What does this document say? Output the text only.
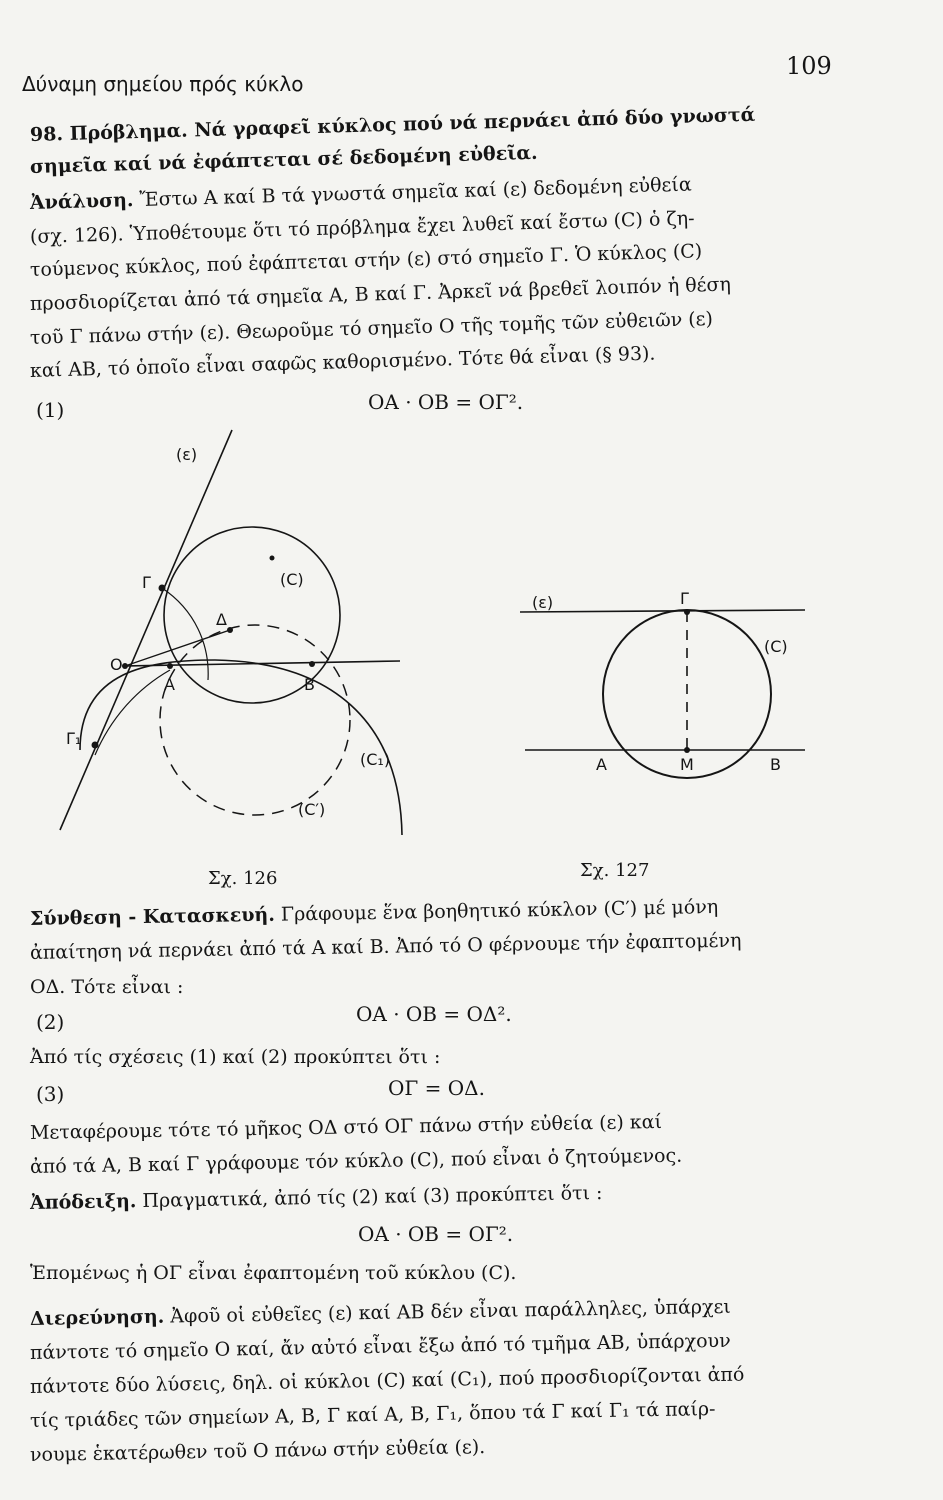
Δύναμη σημείου πρός κύκλο
109
98. Πρόβλημα. Νά γραφεῖ κύκλος πού νά περνάει ἀπό δύο γνωστά
σημεῖα καί νά ἐφάπτεται σέ δεδομένη εὐθεῖα.
Ἀνάλυση. Ἔστω Α καί Β τά γνωστά σημεῖα καί (ε) δεδομένη εὐθεία
(σχ. 126). Ὑποθέτουμε ὅτι τό πρόβλημα ἔχει λυθεῖ καί ἔστω (C) ὁ ζη-
τούμενος κύκλος, πού ἐφάπτεται στήν (ε) στό σημεῖο Γ. Ὁ κύκλος (C)
προσδιορίζεται ἀπό τά σημεῖα Α, Β καί Γ. Ἀρκεῖ νά βρεθεῖ λοιπόν ἡ θέση
τοῦ Γ πάνω στήν (ε). Θεωροῦμε τό σημεῖο Ο τῆς τομῆς τῶν εὐθειῶν (ε)
καί ΑΒ, τό ὁποῖο εἶναι σαφῶς καθορισμένο. Τότε θά εἶναι (§ 93).
(1)	ΟΑ · ΟΒ = ΟΓ².
(ε)
Γ	(C)
Δ
Ο
Α	Β
Γ₁
(C₁)
(C′)
Σχ. 126
(ε)	Γ
(C)
Α	Μ	Β
Σχ. 127
Σύνθεση - Κατασκευή. Γράφουμε ἕνα βοηθητικό κύκλον (C′) μέ μόνη
ἀπαίτηση νά περνάει ἀπό τά Α καί Β. Ἀπό τό Ο φέρνουμε τήν ἐφαπτομένη
ΟΔ. Τότε εἶναι :
(2)	ΟΑ · ΟΒ = ΟΔ².
Ἀπό τίς σχέσεις (1) καί (2) προκύπτει ὅτι :
(3)	ΟΓ = ΟΔ.
Μεταφέρουμε τότε τό μῆκος ΟΔ στό ΟΓ πάνω στήν εὐθεία (ε) καί
ἀπό τά Α, Β καί Γ γράφουμε τόν κύκλο (C), πού εἶναι ὁ ζητούμενος.
Ἀπόδειξη. Πραγματικά, ἀπό τίς (2) καί (3) προκύπτει ὅτι :
ΟΑ · ΟΒ = ΟΓ².
Ἑπομένως ἡ ΟΓ εἶναι ἐφαπτομένη τοῦ κύκλου (C).
Διερεύνηση. Ἀφοῦ οἱ εὐθεῖες (ε) καί ΑΒ δέν εἶναι παράλληλες, ὑπάρχει
πάντοτε τό σημεῖο Ο καί, ἄν αὐτό εἶναι ἔξω ἀπό τό τμῆμα ΑΒ, ὑπάρχουν
πάντοτε δύο λύσεις, δηλ. οἱ κύκλοι (C) καί (C₁), πού προσδιορίζονται ἀπό
τίς τριάδες τῶν σημείων Α, Β, Γ καί Α, Β, Γ₁, ὅπου τά Γ καί Γ₁ τά παίρ-
νουμε ἑκατέρωθεν τοῦ Ο πάνω στήν εὐθεία (ε).
